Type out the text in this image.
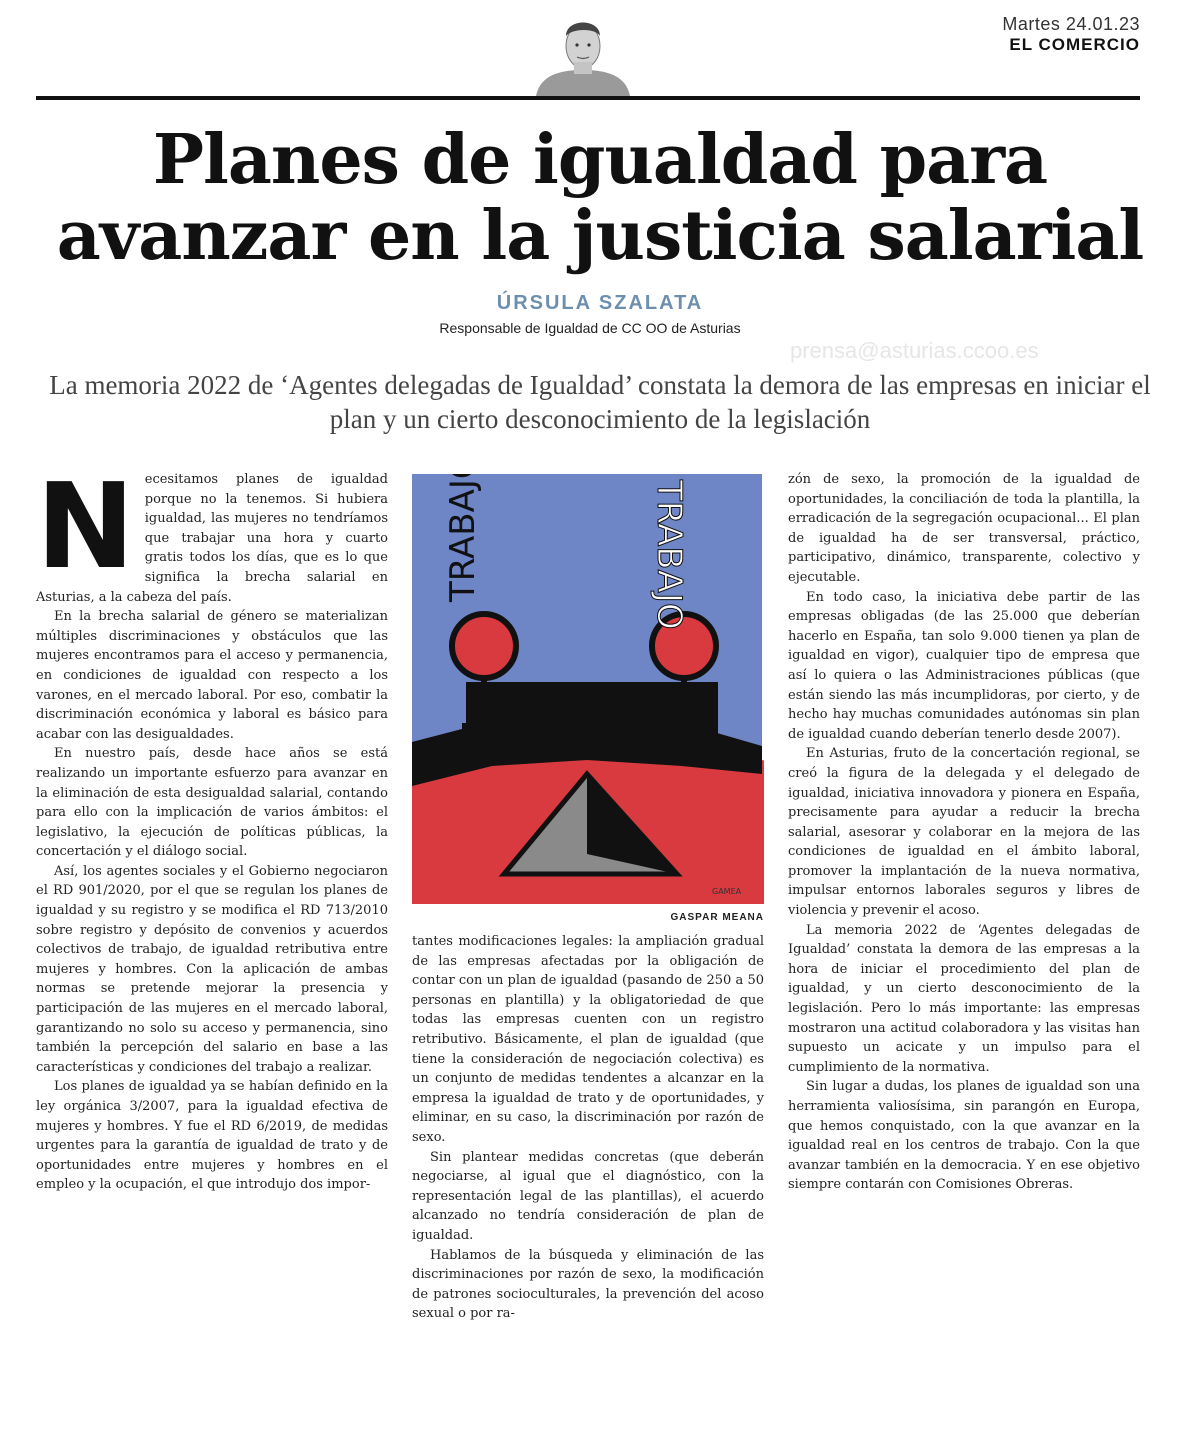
Martes 24.01.23
EL COMERCIO
Planes de igualdad para
avanzar en la justicia salarial
ÚRSULA SZALATA
Responsable de Igualdad de CC OO de Asturias
prensa@asturias.ccoo.es
La memoria 2022 de ‘Agentes delegadas de Igualdad’ constata la demora de las empresas en iniciar el plan y un cierto desconocimiento de la legislación

Necesitamos planes de igualdad porque no la tenemos. Si hubiera igualdad, las mujeres no tendríamos que trabajar una hora y cuarto gratis todos los días, que es lo que significa la brecha salarial en Asturias, a la cabeza del país.

En la brecha salarial de género se materializan múltiples discriminaciones y obstáculos que las mujeres encontramos para el acceso y permanencia, en condiciones de igualdad con respecto a los varones, en el mercado laboral. Por eso, combatir la discriminación económica y laboral es básico para acabar con las desigualdades.

En nuestro país, desde hace años se está realizando un importante esfuerzo para avanzar en la eliminación de esta desigualdad salarial, contando para ello con la implicación de varios ámbitos: el legislativo, la ejecución de políticas públicas, la concertación y el diálogo social.

Así, los agentes sociales y el Gobierno negociaron el RD 901/2020, por el que se regulan los planes de igualdad y su registro y se modifica el RD 713/2010 sobre registro y depósito de convenios y acuerdos colectivos de trabajo, de igualdad retributiva entre mujeres y hombres. Con la aplicación de ambas normas se pretende mejorar la presencia y participación de las mujeres en el mercado laboral, garantizando no solo su acceso y permanencia, sino también la percepción del salario en base a las características y condiciones del trabajo a realizar.

Los planes de igualdad ya se habían definido en la ley orgánica 3/2007, para la igualdad efectiva de mujeres y hombres. Y fue el RD 6/2019, de medidas urgentes para la garantía de igualdad de trato y de oportunidades entre mujeres y hombres en el empleo y la ocupación, el que introdujo dos impor-

TRABAJO	TRABAJO
GAMEA
GASPAR MEANA

tantes modificaciones legales: la ampliación gradual de las empresas afectadas por la obligación de contar con un plan de igualdad (pasando de 250 a 50 personas en plantilla) y la obligatoriedad de que todas las empresas cuenten con un registro retributivo. Básicamente, el plan de igualdad (que tiene la consideración de negociación colectiva) es un conjunto de medidas tendentes a alcanzar en la empresa la igualdad de trato y de oportunidades, y eliminar, en su caso, la discriminación por razón de sexo.

Sin plantear medidas concretas (que deberán negociarse, al igual que el diagnóstico, con la representación legal de las plantillas), el acuerdo alcanzado no tendría consideración de plan de igualdad.

Hablamos de la búsqueda y eliminación de las discriminaciones por razón de sexo, la modificación de patrones socioculturales, la prevención del acoso sexual o por ra-

zón de sexo, la promoción de la igualdad de oportunidades, la conciliación de toda la plantilla, la erradicación de la segregación ocupacional... El plan de igualdad ha de ser transversal, práctico, participativo, dinámico, transparente, colectivo y ejecutable.

En todo caso, la iniciativa debe partir de las empresas obligadas (de las 25.000 que deberían hacerlo en España, tan solo 9.000 tienen ya plan de igualdad en vigor), cualquier tipo de empresa que así lo quiera o las Administraciones públicas (que están siendo las más incumplidoras, por cierto, y de hecho hay muchas comunidades autónomas sin plan de igualdad cuando deberían tenerlo desde 2007).

En Asturias, fruto de la concertación regional, se creó la figura de la delegada y el delegado de igualdad, iniciativa innovadora y pionera en España, precisamente para ayudar a reducir la brecha salarial, asesorar y colaborar en la mejora de las condiciones de igualdad en el ámbito laboral, promover la implantación de la nueva normativa, impulsar entornos laborales seguros y libres de violencia y prevenir el acoso.

La memoria 2022 de ‘Agentes delegadas de Igualdad’ constata la demora de las empresas a la hora de iniciar el procedimiento del plan de igualdad, y un cierto desconocimiento de la legislación. Pero lo más importante: las empresas mostraron una actitud colaboradora y las visitas han supuesto un acicate y un impulso para el cumplimiento de la normativa.

Sin lugar a dudas, los planes de igualdad son una herramienta valiosísima, sin parangón en Europa, que hemos conquistado, con la que avanzar en la igualdad real en los centros de trabajo. Con la que avanzar también en la democracia. Y en ese objetivo siempre contarán con Comisiones Obreras.
